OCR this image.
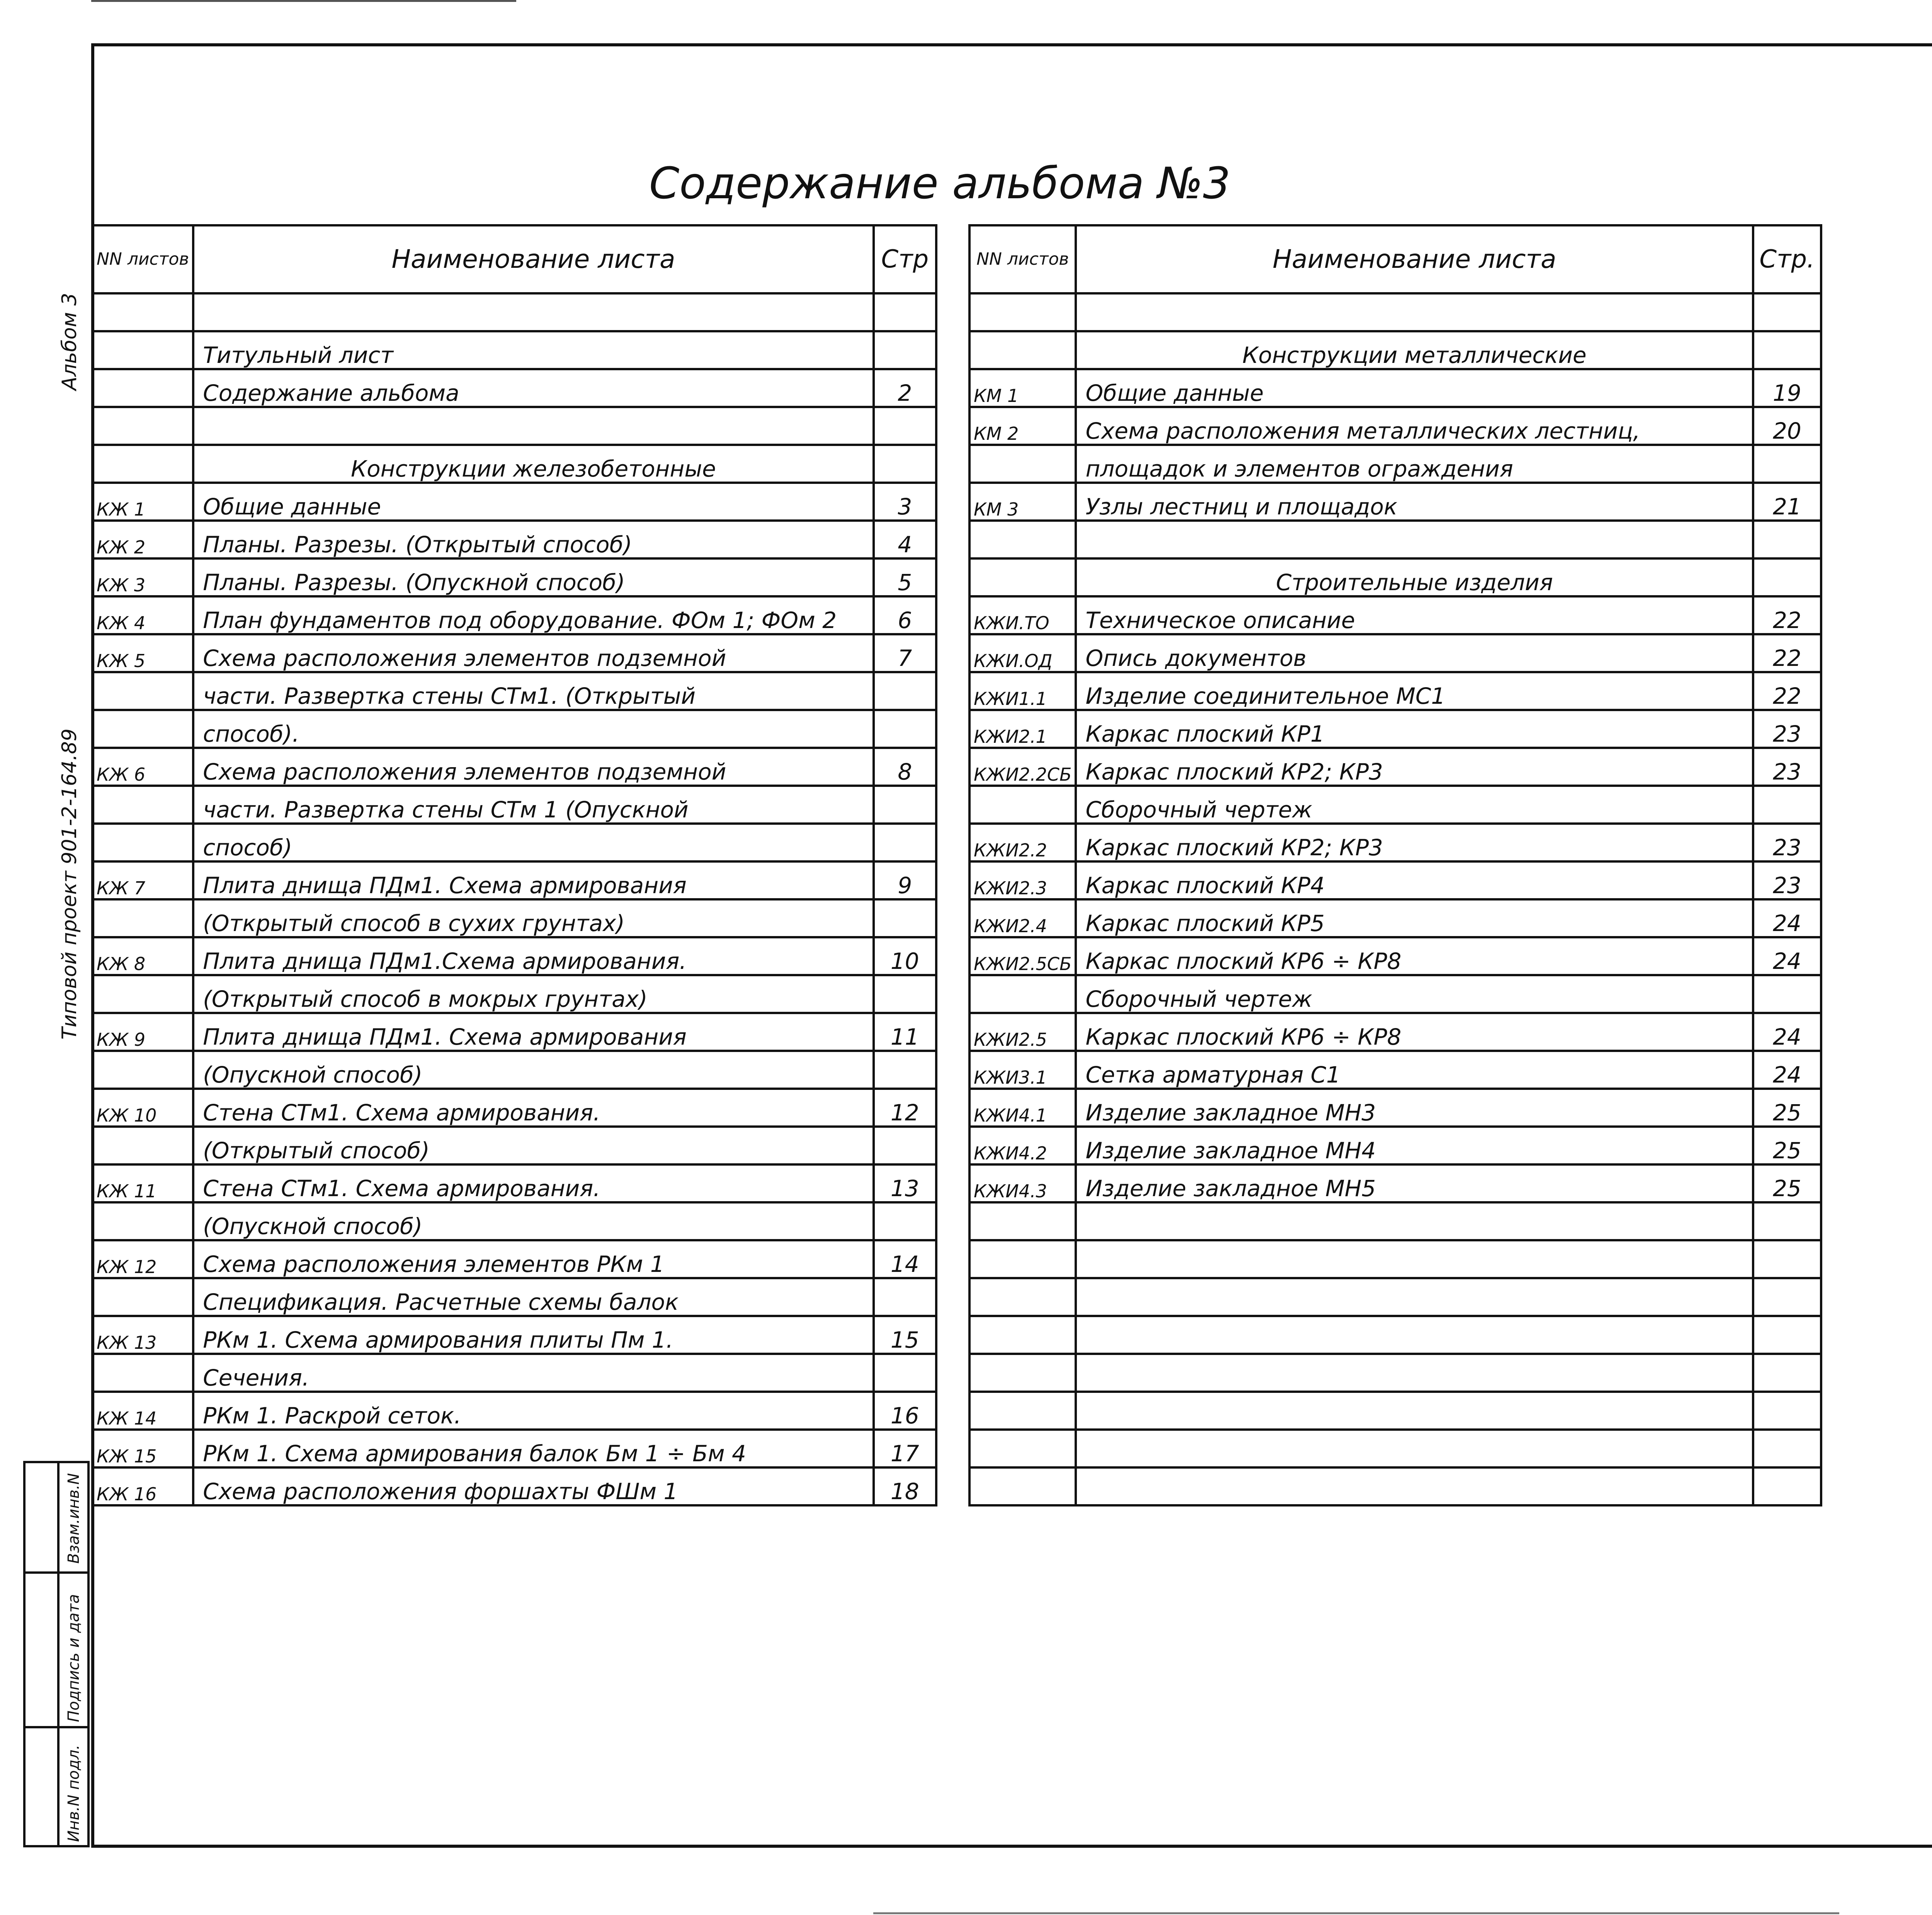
Альбом 3
Типовой проект 901-2-164.89
Взам.инв.N
Подпись и дата
Инв.N подл.
Содержание альбома №3
NN листов	Наименование листа	Стр

	Титульный лист	
	Содержание альбома	2

	Конструкции железобетонные	
КЖ 1	Общие данные	3
КЖ 2	Планы. Разрезы. (Открытый способ)	4
КЖ 3	Планы. Разрезы. (Опускной способ)	5
КЖ 4	План фундаментов под оборудование. ФОм 1; ФОм 2	6
КЖ 5	Схема расположения элементов подземной	7
	части. Развертка стены СТм1. (Открытый	
	способ).	
КЖ 6	Схема расположения элементов подземной	8
	части. Развертка стены СТм 1 (Опускной	
	способ)	
КЖ 7	Плита днища ПДм1. Схема армирования	9
	(Открытый способ в сухих грунтах)	
КЖ 8	Плита днища ПДм1.Схема армирования.	10
	(Открытый способ в мокрых грунтах)	
КЖ 9	Плита днища ПДм1. Схема армирования	11
	(Опускной способ)	
КЖ 10	Стена СТм1. Схема армирования.	12
	(Открытый способ)	
КЖ 11	Стена СТм1. Схема армирования.	13
	(Опускной способ)	
КЖ 12	Схема расположения элементов РКм 1	14
	Спецификация. Расчетные схемы балок	
КЖ 13	РКм 1. Схема армирования плиты Пм 1.	15
	Сечения.	
КЖ 14	РКм 1. Раскрой сеток.	16
КЖ 15	РКм 1. Схема армирования балок Бм 1 ÷ Бм 4	17
КЖ 16	Схема расположения форшахты ФШм 1	18
NN листов	Наименование листа	Стр.

	Конструкции металлические	
КМ 1	Общие данные	19
КМ 2	Схема расположения металлических лестниц,	20
	площадок и элементов ограждения	
КМ 3	Узлы лестниц и площадок	21

	Строительные изделия	
КЖИ.ТО	Техническое описание	22
КЖИ.ОД	Опись документов	22
КЖИ1.1	Изделие соединительное МС1	22
КЖИ2.1	Каркас плоский КР1	23
КЖИ2.2СБ	Каркас плоский КР2; КР3	23
	Сборочный чертеж	
КЖИ2.2	Каркас плоский КР2; КР3	23
КЖИ2.3	Каркас плоский КР4	23
КЖИ2.4	Каркас плоский КР5	24
КЖИ2.5СБ	Каркас плоский КР6 ÷ КР8	24
	Сборочный чертеж	
КЖИ2.5	Каркас плоский КР6 ÷ КР8	24
КЖИ3.1	Сетка арматурная С1	24
КЖИ4.1	Изделие закладное МН3	25
КЖИ4.2	Изделие закладное МН4	25
КЖИ4.3	Изделие закладное МН5	25
